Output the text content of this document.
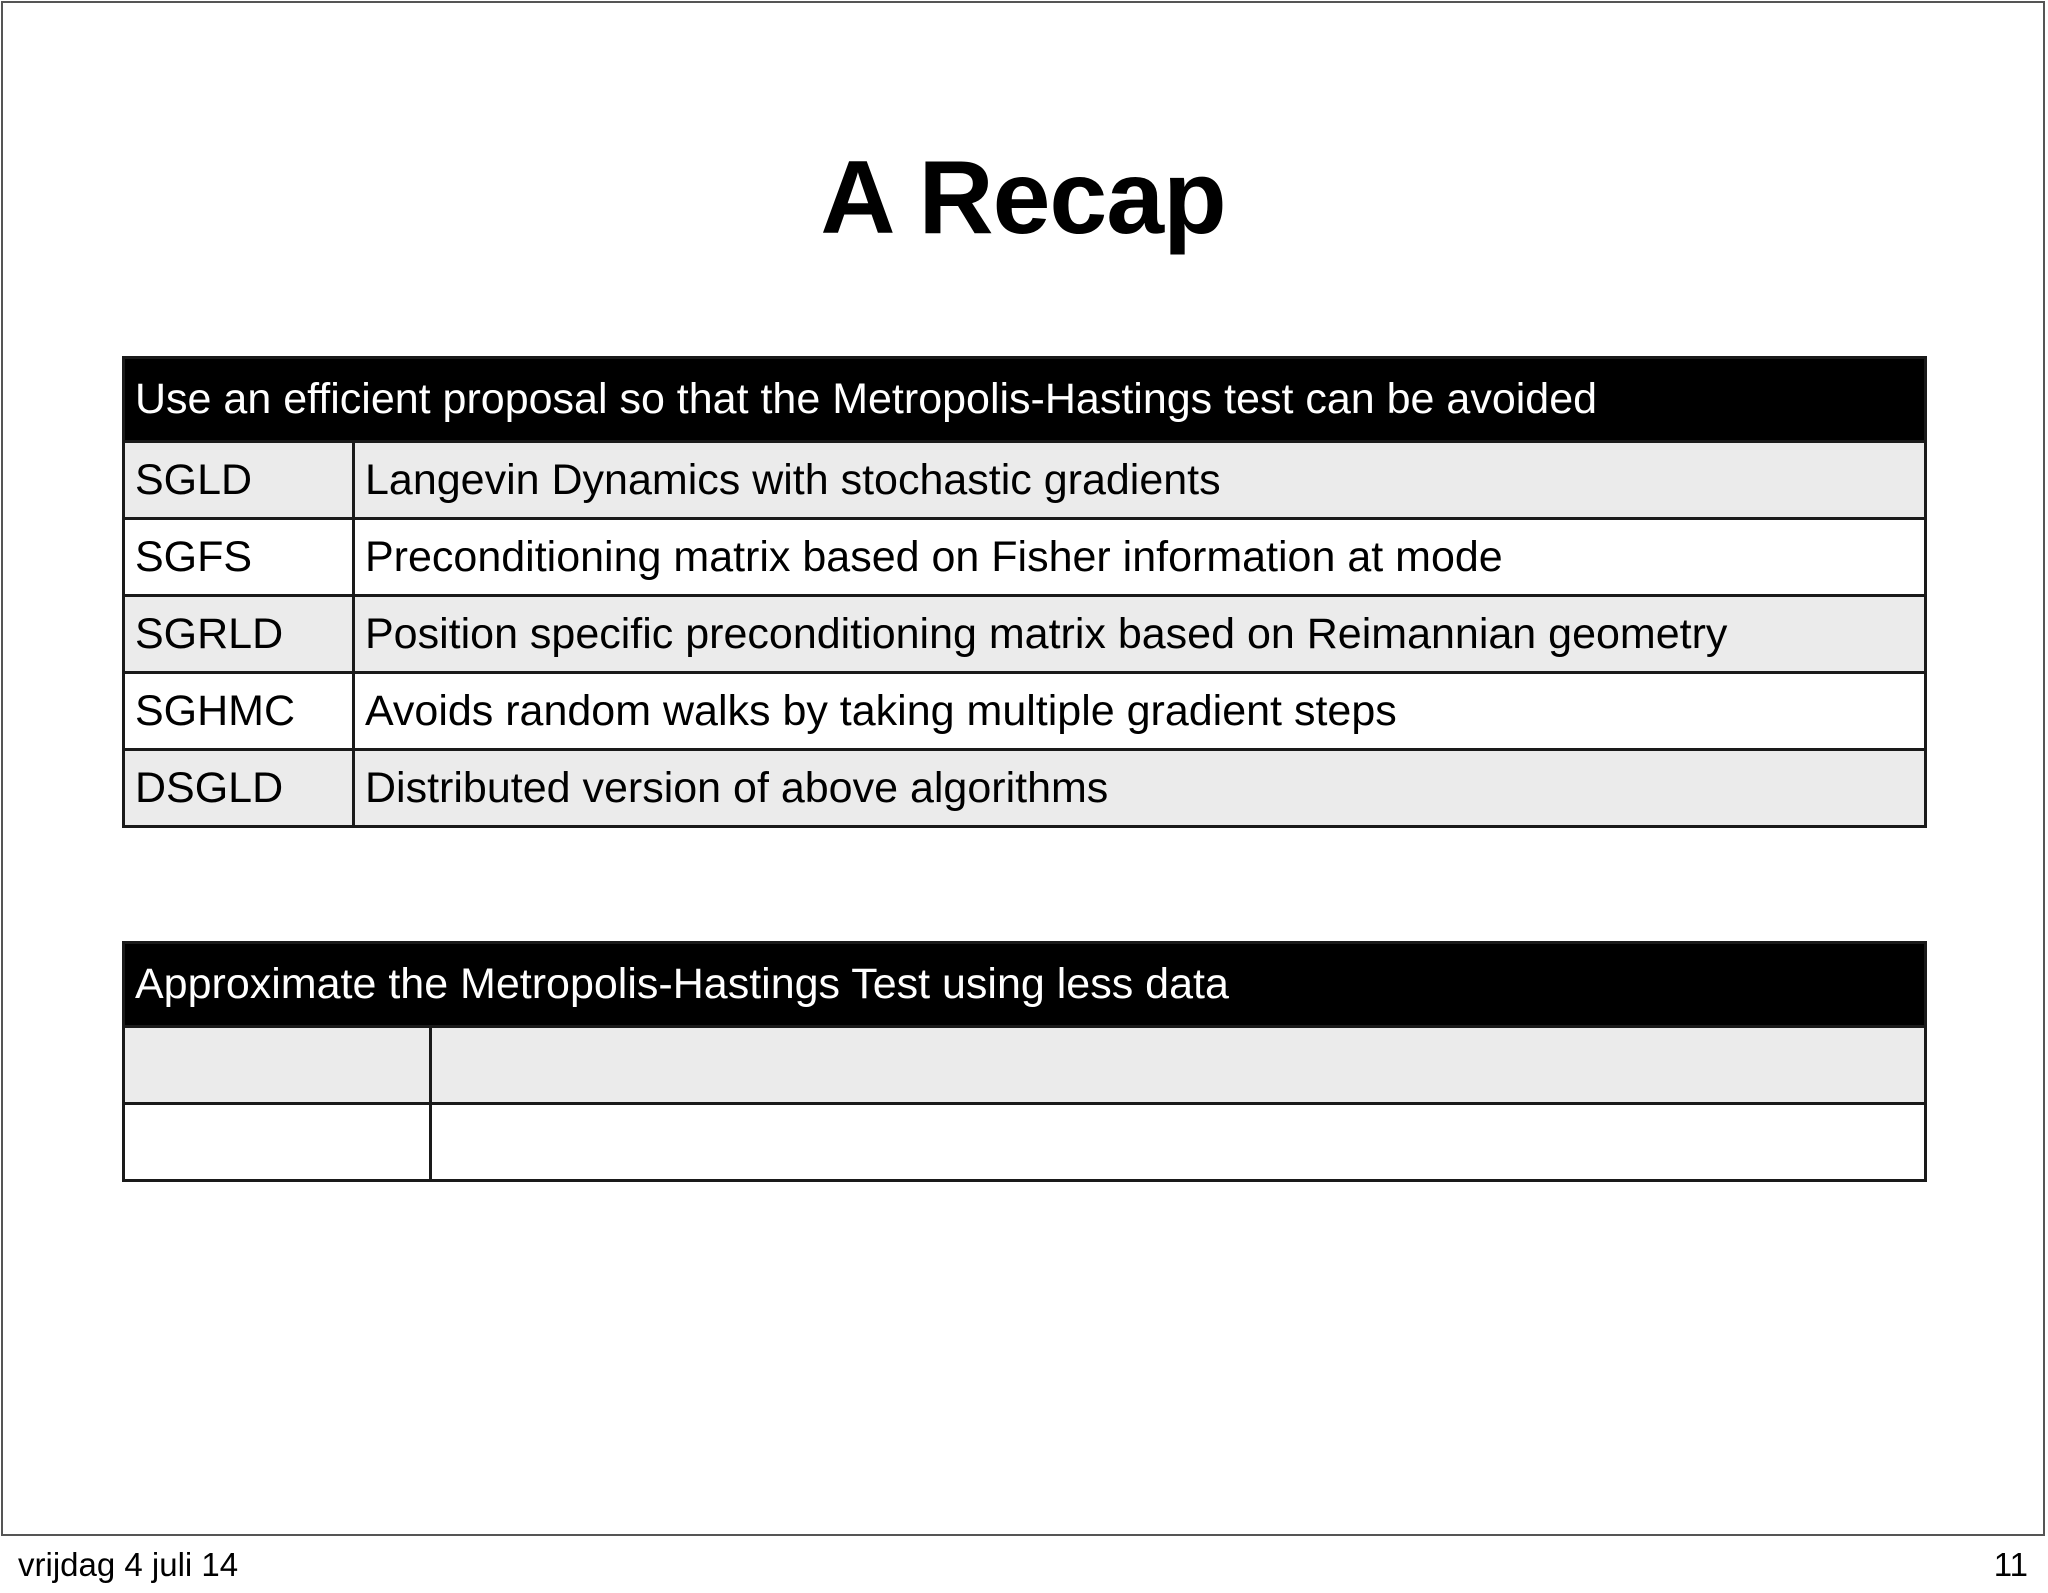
A Recap
Use an efficient proposal so that the Metropolis-Hastings test can be avoided	
SGLD	Langevin Dynamics with stochastic gradients
SGFS	Preconditioning matrix based on Fisher information at mode
SGRLD	Position specific preconditioning matrix based on Reimannian geometry
SGHMC	Avoids random walks by taking multiple gradient steps
DSGLD	Distributed version of above algorithms
Approximate the Metropolis-Hastings Test using less data	

vrijdag 4 juli 14	11
